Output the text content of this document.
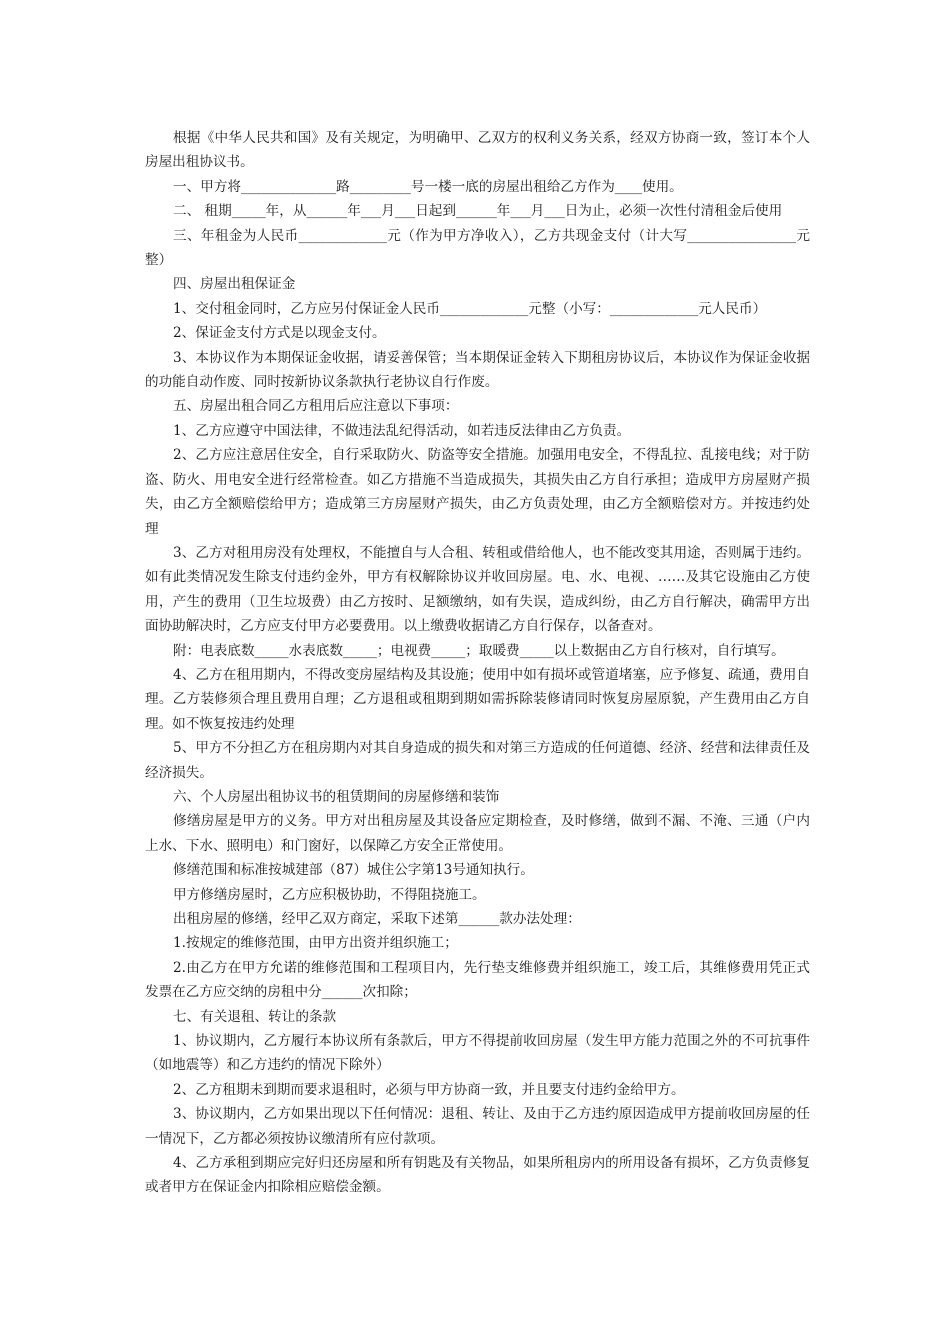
根据《中华人民共和国》及有关规定，为明确甲、乙双方的权利义务关系，经双方协商一致，签订本个人房屋出租协议书。

一、甲方将______________路_________号一楼一底的房屋出租给乙方作为____使用。

二、 租期_____年，从______年___月___日起到______年___月___日为止，必须一次性付清租金后使用

三、年租金为人民币_____________元（作为甲方净收入），乙方共现金支付（计大写________________元整）

四、房屋出租保证金

1、交付租金同时，乙方应另付保证金人民币_____________元整（小写：_____________元人民币）

2、保证金支付方式是以现金支付。

3、本协议作为本期保证金收据，请妥善保管；当本期保证金转入下期租房协议后，本协议作为保证金收据的功能自动作废、同时按新协议条款执行老协议自行作废。

五、房屋出租合同乙方租用后应注意以下事项：

1、乙方应遵守中国法律，不做违法乱纪得活动，如若违反法律由乙方负责。

2、乙方应注意居住安全，自行采取防火、防盗等安全措施。加强用电安全，不得乱拉、乱接电线；对于防盗、防火、用电安全进行经常检查。如乙方措施不当造成损失，其损失由乙方自行承担；造成甲方房屋财产损失，由乙方全额赔偿给甲方；造成第三方房屋财产损失，由乙方负责处理，由乙方全额赔偿对方。并按违约处理

3、乙方对租用房没有处理权，不能擅自与人合租、转租或借给他人，也不能改变其用途，否则属于违约。如有此类情况发生除支付违约金外，甲方有权解除协议并收回房屋。电、水、电视、……及其它设施由乙方使用，产生的费用（卫生垃圾费）由乙方按时、足额缴纳，如有失误，造成纠纷，由乙方自行解决，确需甲方出面协助解决时，乙方应支付甲方必要费用。以上缴费收据请乙方自行保存，以备查对。

附：电表底数_____水表底数_____；电视费_____；取暖费_____以上数据由乙方自行核对，自行填写。

4、乙方在租用期内，不得改变房屋结构及其设施；使用中如有损坏或管道堵塞，应予修复、疏通，费用自理。乙方装修须合理且费用自理；乙方退租或租期到期如需拆除装修请同时恢复房屋原貌，产生费用由乙方自理。如不恢复按违约处理

5、甲方不分担乙方在租房期内对其自身造成的损失和对第三方造成的任何道德、经济、经营和法律责任及经济损失。

六、个人房屋出租协议书的租赁期间的房屋修缮和装饰

修缮房屋是甲方的义务。甲方对出租房屋及其设备应定期检查，及时修缮，做到不漏、不淹、三通（户内上水、下水、照明电）和门窗好，以保障乙方安全正常使用。

修缮范围和标准按城建部（87）城住公字第13号通知执行。

甲方修缮房屋时，乙方应积极协助，不得阻挠施工。

出租房屋的修缮，经甲乙双方商定，采取下述第______款办法处理：

1.按规定的维修范围，由甲方出资并组织施工；

2.由乙方在甲方允诺的维修范围和工程项目内，先行垫支维修费并组织施工，竣工后，其维修费用凭正式发票在乙方应交纳的房租中分______次扣除；

七、有关退租、转让的条款

1、协议期内，乙方履行本协议所有条款后，甲方不得提前收回房屋（发生甲方能力范围之外的不可抗事件（如地震等）和乙方违约的情况下除外）

2、乙方租期未到期而要求退租时，必须与甲方协商一致，并且要支付违约金给甲方。

3、协议期内，乙方如果出现以下任何情况：退租、转让、及由于乙方违约原因造成甲方提前收回房屋的任一情况下，乙方都必须按协议缴清所有应付款项。

4、乙方承租到期应完好归还房屋和所有钥匙及有关物品，如果所租房内的所用设备有损坏，乙方负责修复或者甲方在保证金内扣除相应赔偿金额。
